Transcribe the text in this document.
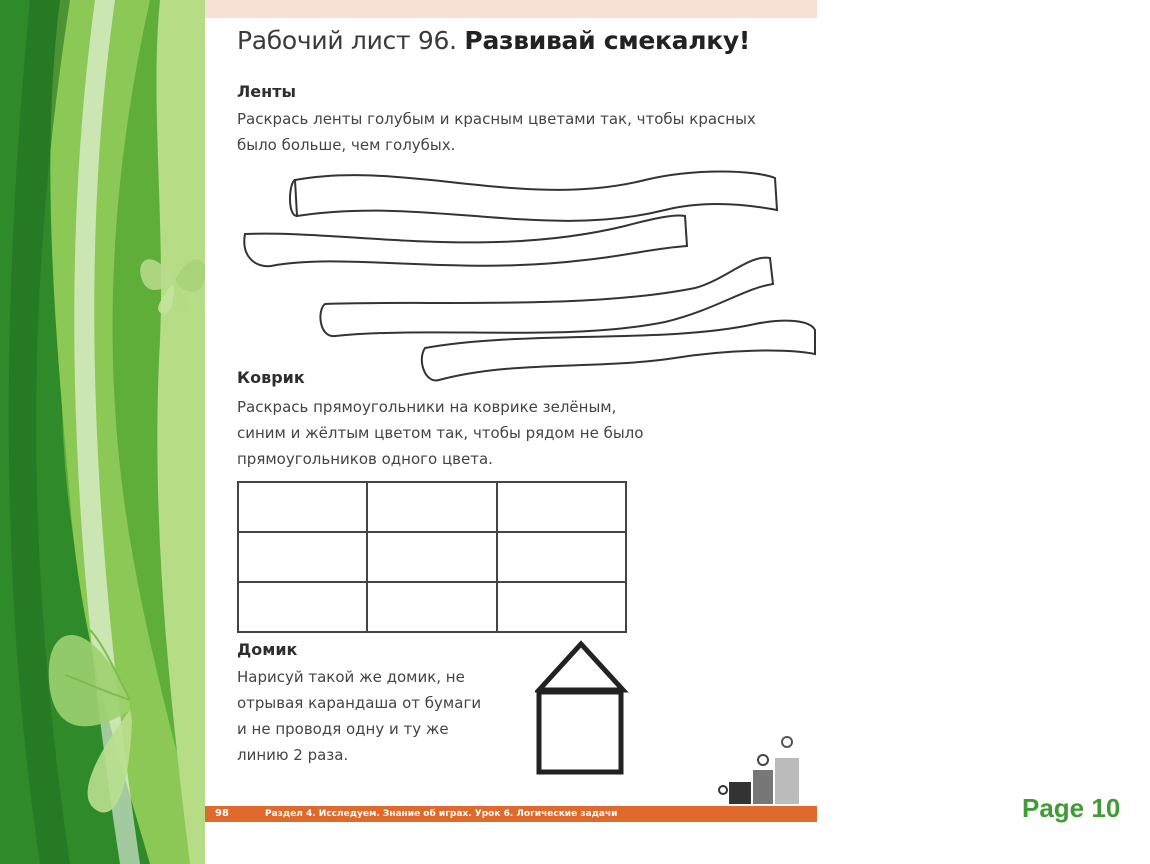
Рабочий лист 96. Развивай смекалку!
Ленты
Раскрась ленты голубым и красным цветами так, чтобы красных
было больше, чем голубых.
Коврик
Раскрась прямоугольники на коврике зелёным,
синим и жёлтым цветом так, чтобы рядом не было
прямоугольников одного цвета.

Домик
Нарисуй такой же домик, не
отрывая карандаша от бумаги
и не проводя одну и ту же
линию 2 раза.
98	Раздел 4. Исследуем. Знание об играх. Урок 6. Логические задачи	Page 10
